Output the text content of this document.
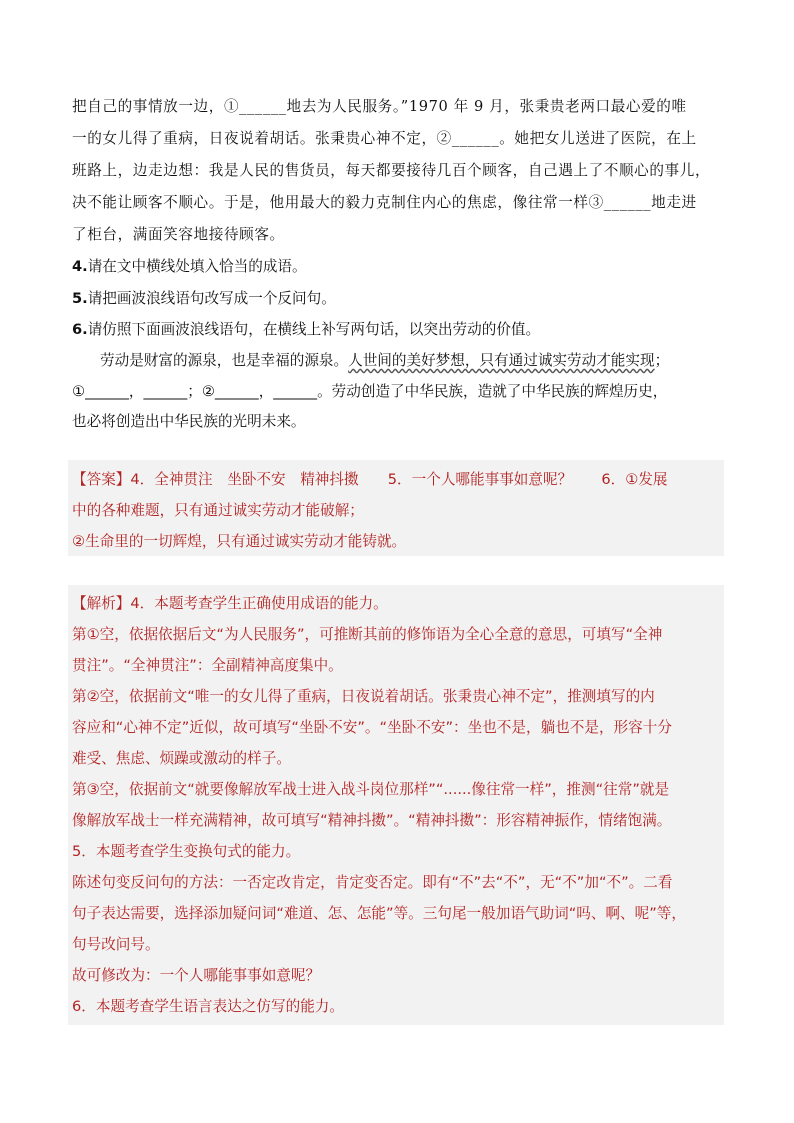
把自己的事情放一边，①______地去为人民服务。”1970 年 9 月，张秉贵老两口最心爱的唯
一的女儿得了重病，日夜说着胡话。张秉贵心神不定，②______。她把女儿送进了医院，在上
班路上，边走边想：我是人民的售货员，每天都要接待几百个顾客，自己遇上了不顺心的事儿，
决不能让顾客不顺心。于是，他用最大的毅力克制住内心的焦虑，像往常一样③______地走进
了柜台，满面笑容地接待顾客。
4.请在文中横线处填入恰当的成语。
5.请把画波浪线语句改写成一个反问句。
6.请仿照下面画波浪线语句，在横线上补写两句话，以突出劳动的价值。
劳动是财富的源泉，也是幸福的源泉。人世间的美好梦想，只有通过诚实劳动才能实现；
①______，______；②______，______。劳动创造了中华民族，造就了中华民族的辉煌历史，
也必将创造出中华民族的光明未来。
【答案】4．全神贯注　坐卧不安　精神抖擞　　5．一个人哪能事事如意呢？　　6．①发展
中的各种难题，只有通过诚实劳动才能破解；
②生命里的一切辉煌，只有通过诚实劳动才能铸就。
【解析】4．本题考查学生正确使用成语的能力。
第①空，依据依据后文“为人民服务”，可推断其前的修饰语为全心全意的意思，可填写“全神
贯注”。“全神贯注”：全副精神高度集中。
第②空，依据前文“唯一的女儿得了重病，日夜说着胡话。张秉贵心神不定”，推测填写的内
容应和“心神不定”近似，故可填写“坐卧不安”。“坐卧不安”：坐也不是，躺也不是，形容十分
难受、焦虑、烦躁或激动的样子。
第③空，依据前文“就要像解放军战士进入战斗岗位那样”“......像往常一样”，推测“往常”就是
像解放军战士一样充满精神，故可填写“精神抖擞”。“精神抖擞”：形容精神振作，情绪饱满。
5．本题考查学生变换句式的能力。
陈述句变反问句的方法：一否定改肯定，肯定变否定。即有“不”去“不”，无“不”加“不”。二看
句子表达需要，选择添加疑问词“难道、怎、怎能”等。三句尾一般加语气助词“吗、啊、呢”等，
句号改问号。
故可修改为：一个人哪能事事如意呢？
6．本题考查学生语言表达之仿写的能力。
